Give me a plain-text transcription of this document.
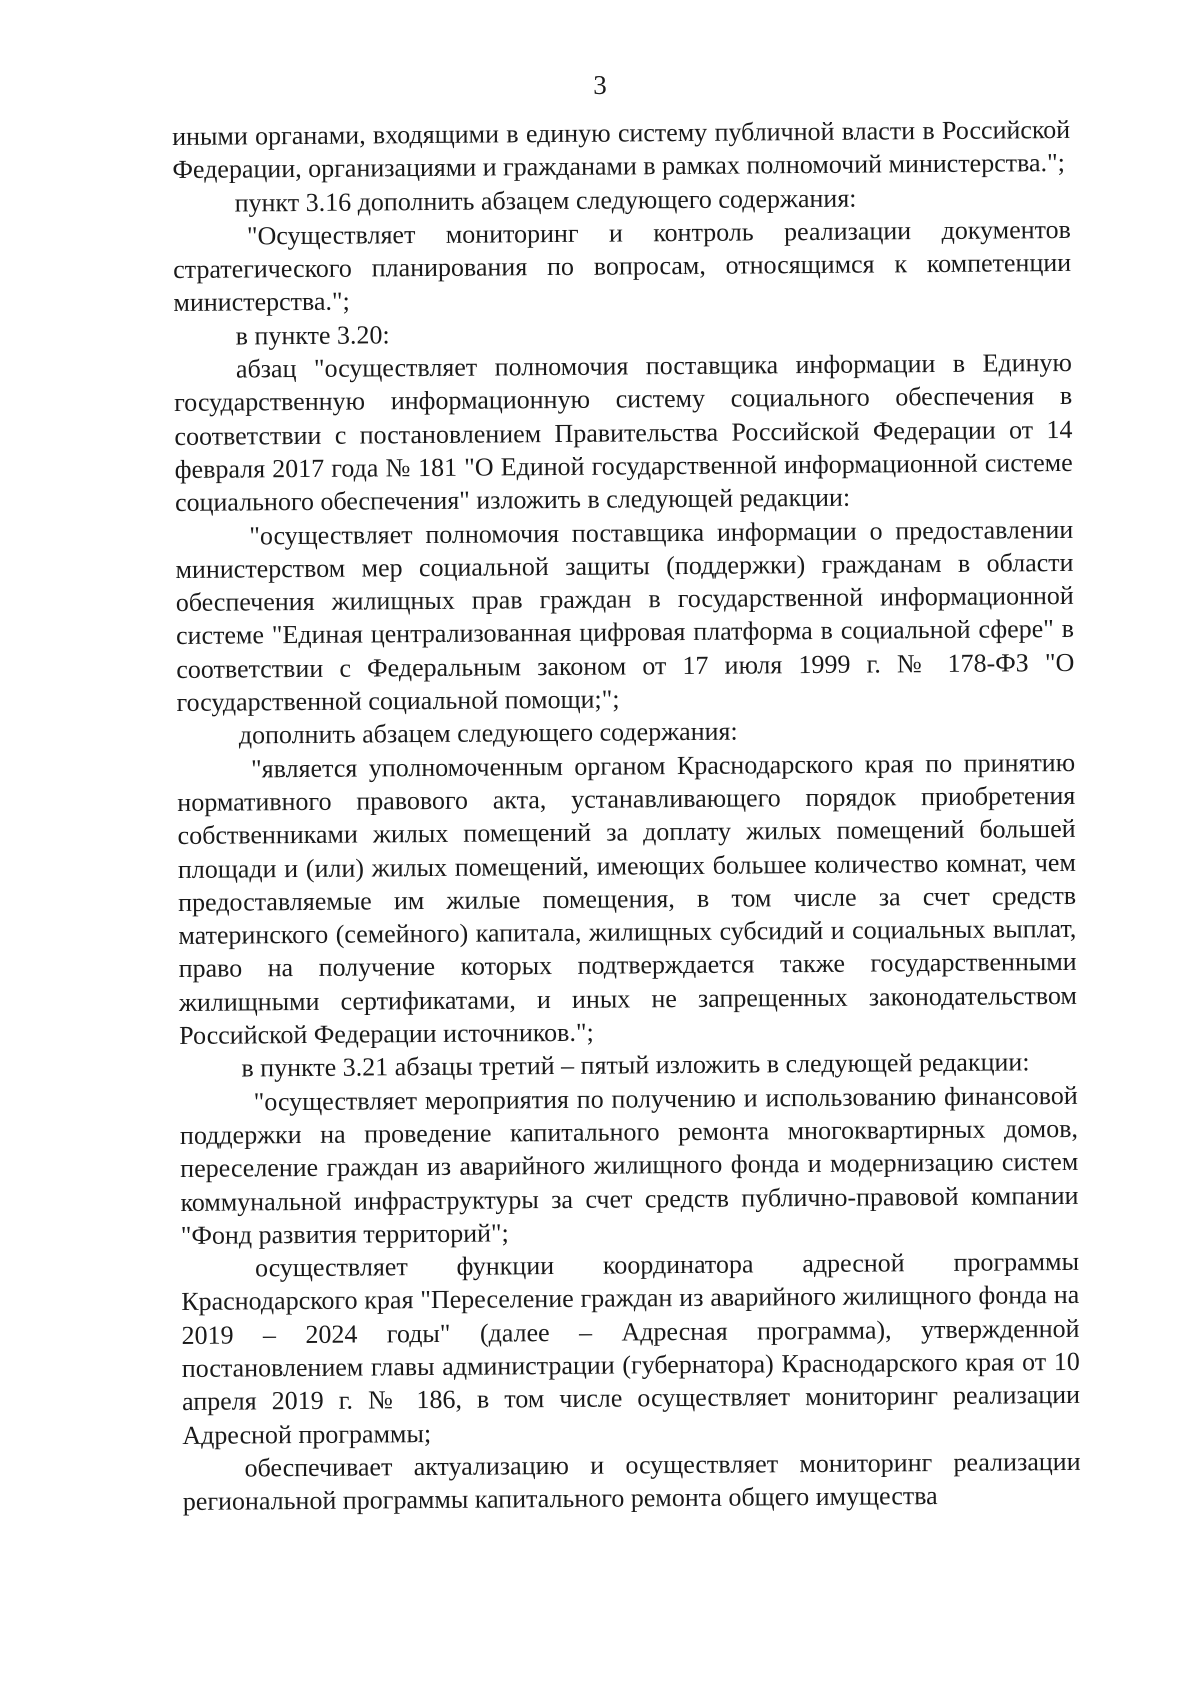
3

иными органами, входящими в единую систему публичной власти в Российской Федерации, организациями и гражданами в рамках полномочий министерства.";

пункт 3.16 дополнить абзацем следующего содержания:

"Осуществляет мониторинг и контроль реализации документов стратегического планирования по вопросам, относящимся к компетенции министерства.";

в пункте 3.20:

абзац "осуществляет полномочия поставщика информации в Единую государственную информационную систему социального обеспечения в соответствии с постановлением Правительства Российской Федерации от 14 февраля 2017 года № 181 "О Единой государственной информационной системе социального обеспечения" изложить в следующей редакции:

"осуществляет полномочия поставщика информации о предоставлении министерством мер социальной защиты (поддержки) гражданам в области обеспечения жилищных прав граждан в государственной информационной системе "Единая централизованная цифровая платформа в социальной сфере" в соответствии с Федеральным законом от 17 июля 1999 г. № 178-ФЗ "О государственной социальной помощи;";

дополнить абзацем следующего содержания:

"является уполномоченным органом Краснодарского края по принятию нормативного правового акта, устанавливающего порядок приобретения собственниками жилых помещений за доплату жилых помещений большей площади и (или) жилых помещений, имеющих большее количество комнат, чем предоставляемые им жилые помещения, в том числе за счет средств материнского (семейного) капитала, жилищных субсидий и социальных выплат, право на получение которых подтверждается также государственными жилищными сертификатами, и иных не запрещенных законодательством Российской Федерации источников.";

в пункте 3.21 абзацы третий – пятый изложить в следующей редакции:

"осуществляет мероприятия по получению и использованию финансовой поддержки на проведение капитального ремонта многоквартирных домов, переселение граждан из аварийного жилищного фонда и модернизацию систем коммунальной инфраструктуры за счет средств публично-правовой компании "Фонд развития территорий";

осуществляет функции координатора адресной программы Краснодарского края "Переселение граждан из аварийного жилищного фонда на 2019 – 2024 годы" (далее – Адресная программа), утвержденной постановлением главы администрации (губернатора) Краснодарского края от 10 апреля 2019 г. № 186, в том числе осуществляет мониторинг реализации Адресной программы;

обеспечивает актуализацию и осуществляет мониторинг реализации региональной программы капитального ремонта общего имущества
